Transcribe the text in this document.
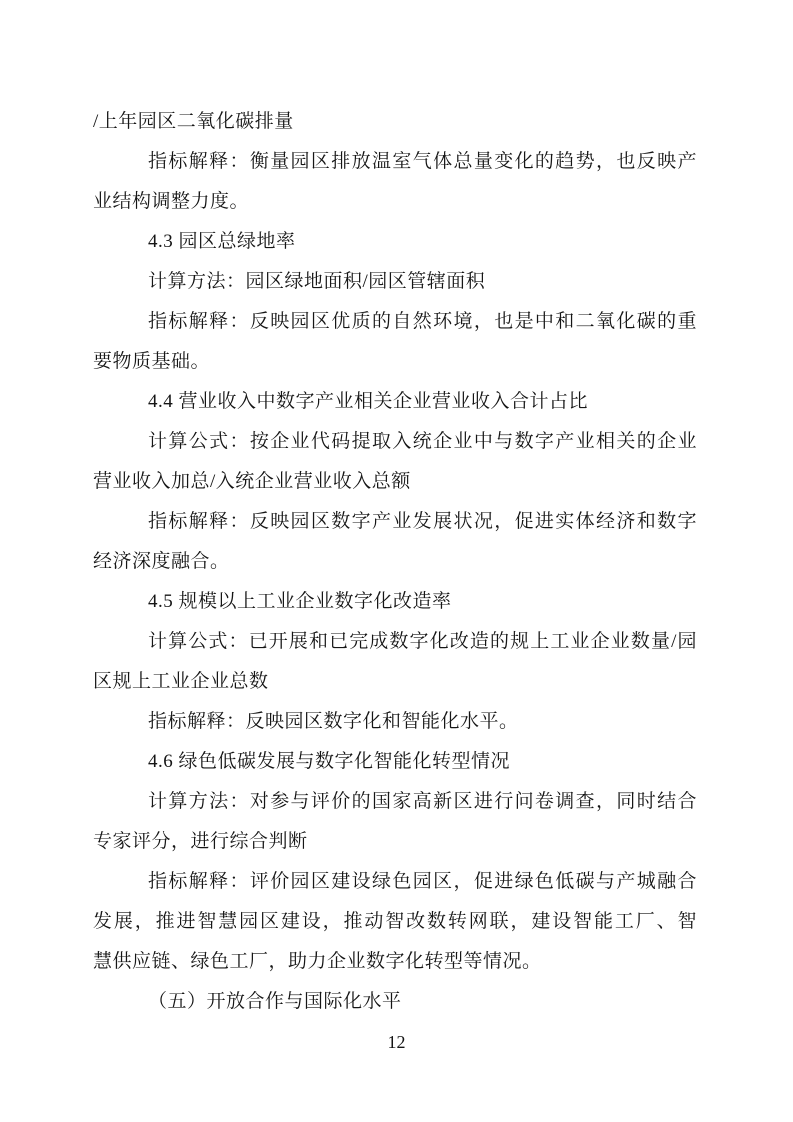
/上年园区二氧化碳排量
指标解释：衡量园区排放温室气体总量变化的趋势，也反映产
业结构调整力度。
4.3 园区总绿地率
计算方法：园区绿地面积/园区管辖面积
指标解释：反映园区优质的自然环境，也是中和二氧化碳的重
要物质基础。
4.4 营业收入中数字产业相关企业营业收入合计占比
计算公式：按企业代码提取入统企业中与数字产业相关的企业
营业收入加总/入统企业营业收入总额
指标解释：反映园区数字产业发展状况，促进实体经济和数字
经济深度融合。
4.5 规模以上工业企业数字化改造率
计算公式：已开展和已完成数字化改造的规上工业企业数量/园
区规上工业企业总数
指标解释：反映园区数字化和智能化水平。
4.6 绿色低碳发展与数字化智能化转型情况
计算方法：对参与评价的国家高新区进行问卷调查，同时结合
专家评分，进行综合判断
指标解释：评价园区建设绿色园区，促进绿色低碳与产城融合
发展，推进智慧园区建设，推动智改数转网联，建设智能工厂、智
慧供应链、绿色工厂，助力企业数字化转型等情况。
（五）开放合作与国际化水平
12
